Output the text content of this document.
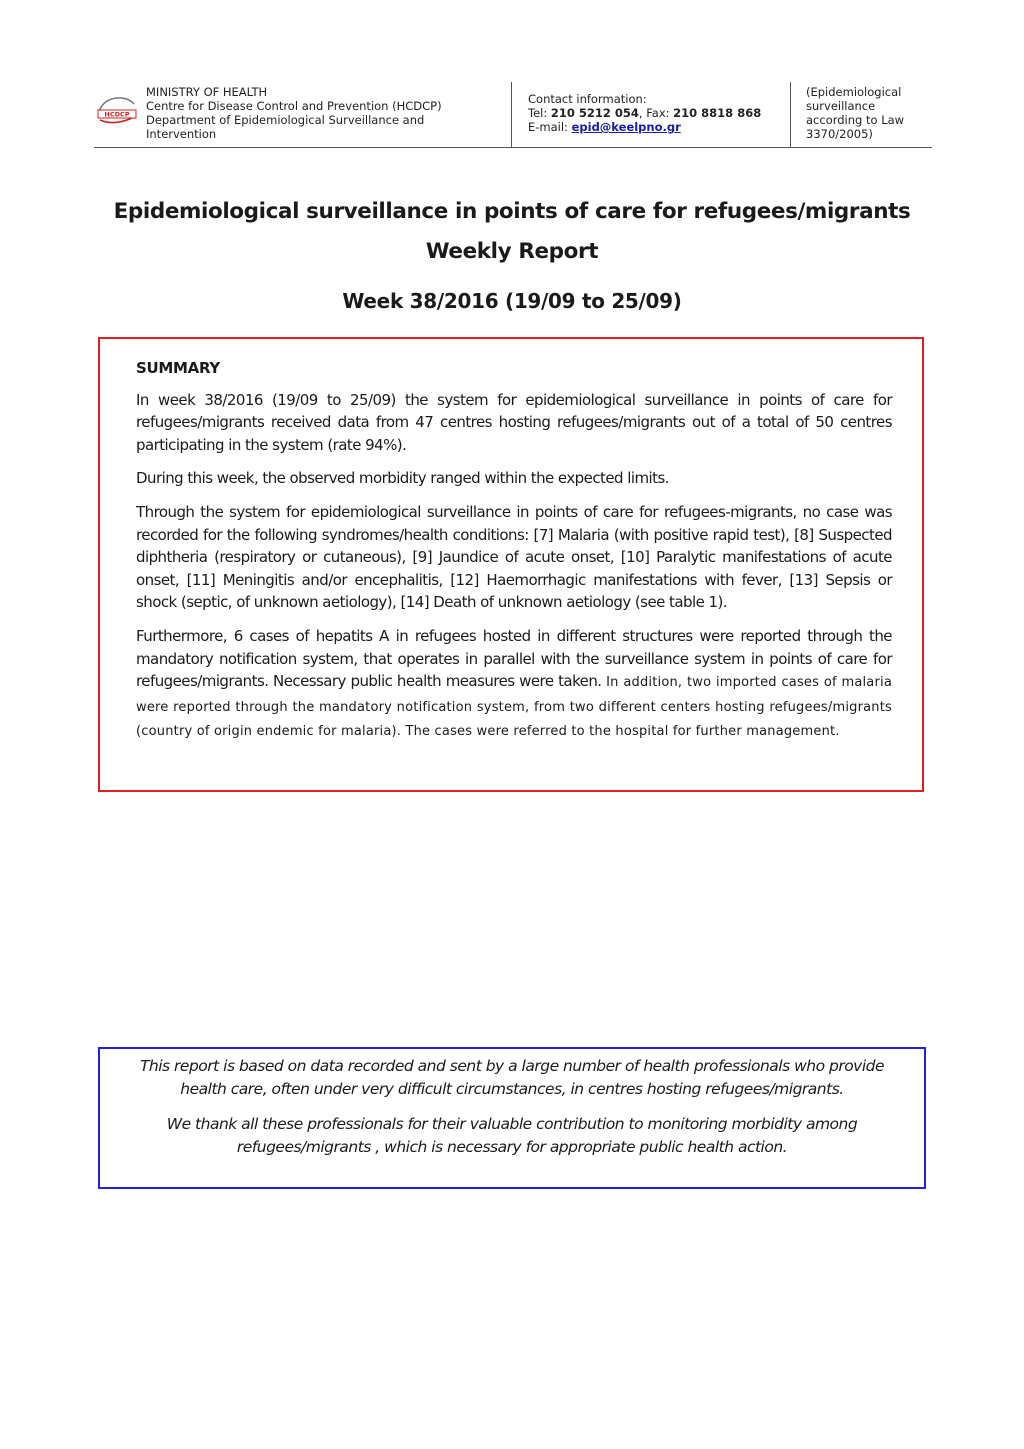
HCDCP
MINISTRY OF HEALTH
Centre for Disease Control and Prevention (HCDCP)
Department of Epidemiological Surveillance and
Intervention
Contact information:
Tel: 210 5212 054, Fax: 210 8818 868
E-mail: epid@keelpno.gr
(Epidemiological
surveillance
according to Law
3370/2005)
Epidemiological surveillance in points of care for refugees/migrants
Weekly Report
Week 38/2016 (19/09 to 25/09)
SUMMARY

In week 38/2016 (19/09 to 25/09) the system for epidemiological surveillance in points of care for refugees/migrants received data from 47 centres hosting refugees/migrants out of a total of 50 centres participating in the system (rate 94%).

During this week, the observed morbidity ranged within the expected limits.

Through the system for epidemiological surveillance in points of care for refugees-migrants, no case was recorded for the following syndromes/health conditions: [7] Malaria (with positive rapid test), [8] Suspected diphtheria (respiratory or cutaneous), [9] Jaundice of acute onset, [10] Paralytic manifestations of acute onset, [11] Meningitis and/or encephalitis, [12] Haemorrhagic manifestations with fever, [13] Sepsis or shock (septic, of unknown aetiology), [14] Death of unknown aetiology (see table 1).

Furthermore, 6 cases of hepatits A in refugees hosted in different structures were reported through the mandatory notification system, that operates in parallel with the surveillance system in points of care for refugees/migrants. Necessary public health measures were taken. In addition, two imported cases of malaria were reported through the mandatory notification system, from two different centers hosting refugees/migrants (country of origin endemic for malaria). The cases were referred to the hospital for further management.

This report is based on data recorded and sent by a large number of health professionals who provide health care, often under very difficult circumstances, in centres hosting refugees/migrants.

We thank all these professionals for their valuable contribution to monitoring morbidity among refugees/migrants , which is necessary for appropriate public health action.
